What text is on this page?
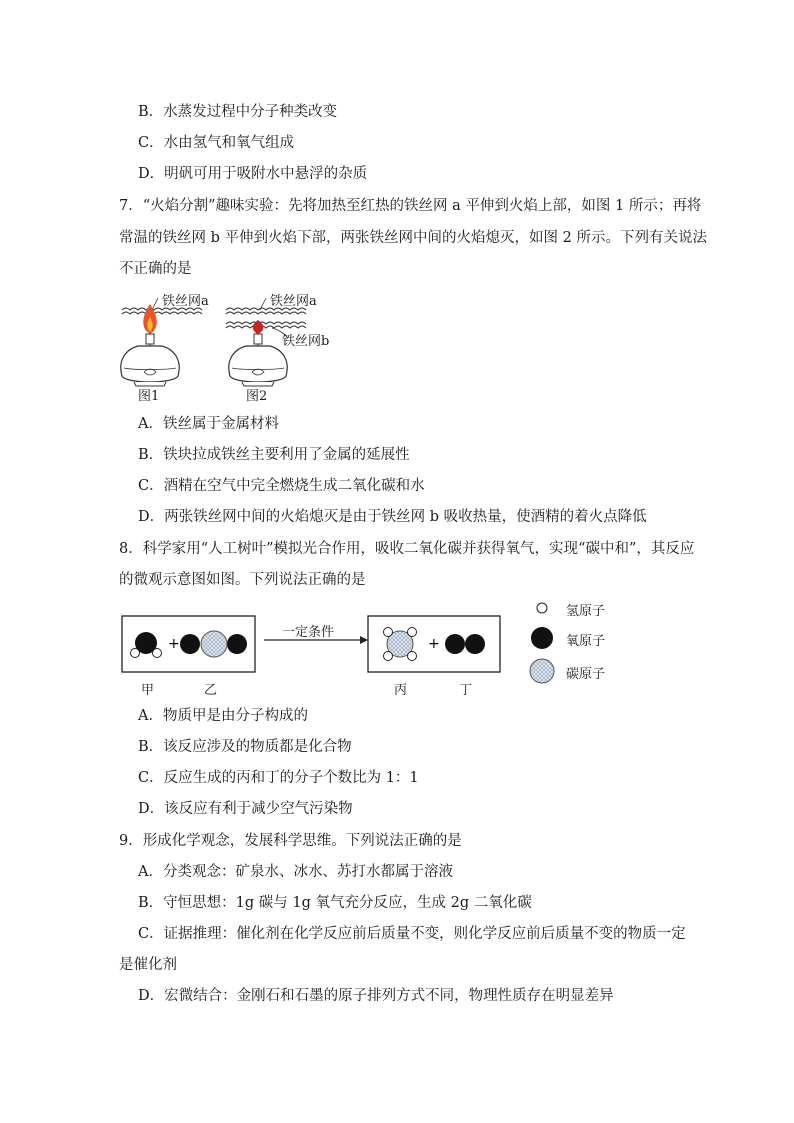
B．水蒸发过程中分子种类改变
C．水由氢气和氧气组成
D．明矾可用于吸附水中悬浮的杂质
7．“火焰分割”趣味实验：先将加热至红热的铁丝网 a 平伸到火焰上部，如图 1 所示；再将
常温的铁丝网 b 平伸到火焰下部，两张铁丝网中间的火焰熄灭，如图 2 所示。下列有关说法
不正确的是
铁丝网a	铁丝网a
铁丝网b
图1	图2
A．铁丝属于金属材料
B．铁块拉成铁丝主要利用了金属的延展性
C．酒精在空气中完全燃烧生成二氧化碳和水
D．两张铁丝网中间的火焰熄灭是由于铁丝网 b 吸收热量，使酒精的着火点降低
8．科学家用“人工树叶”模拟光合作用，吸收二氧化碳并获得氧气，实现“碳中和”，其反应
的微观示意图如图。下列说法正确的是
+	+
一定条件
氢原子
氧原子
碳原子
甲	乙	丙	丁
A．物质甲是由分子构成的
B．该反应涉及的物质都是化合物
C．反应生成的丙和丁的分子个数比为 1：1
D．该反应有利于减少空气污染物
9．形成化学观念，发展科学思维。下列说法正确的是
A．分类观念：矿泉水、冰水、苏打水都属于溶液
B．守恒思想：1g 碳与 1g 氧气充分反应，生成 2g 二氧化碳
C．证据推理：催化剂在化学反应前后质量不变，则化学反应前后质量不变的物质一定
是催化剂
D．宏微结合：金刚石和石墨的原子排列方式不同，物理性质存在明显差异
